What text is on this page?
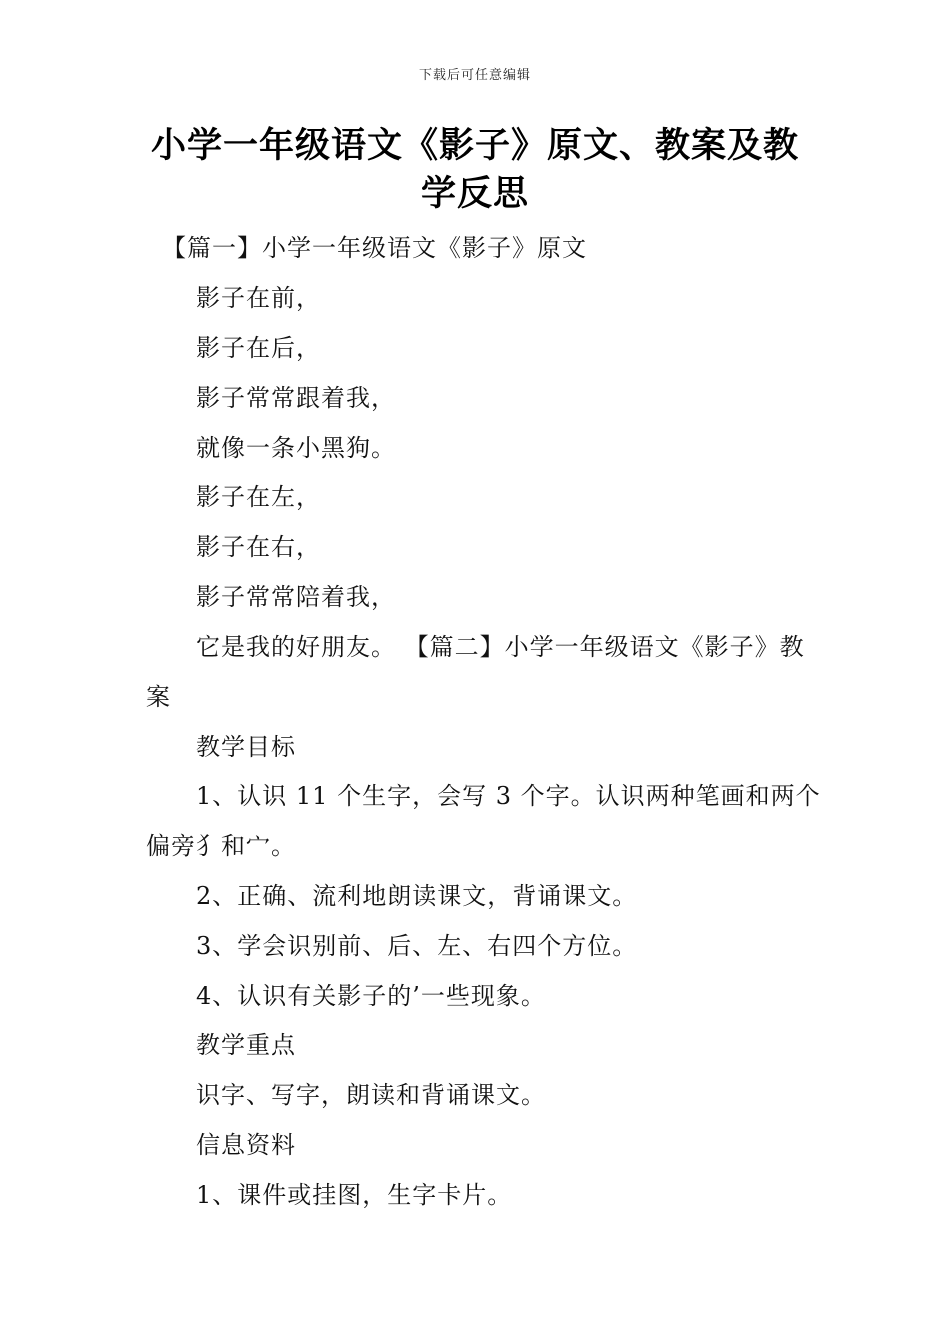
下载后可任意编辑
小学一年级语文《影子》原文、教案及教学反思
【篇一】小学一年级语文《影子》原文
影子在前，
影子在后，
影子常常跟着我，
就像一条小黑狗。
影子在左，
影子在右，
影子常常陪着我，
它是我的好朋友。 【篇二】小学一年级语文《影子》教案
教学目标
1、认识 11 个生字，会写 3 个字。认识两种笔画和两个偏旁犭和宀。
2、正确、流利地朗读课文，背诵课文。
3、学会识别前、后、左、右四个方位。
4、认识有关影子的’一些现象。
教学重点
识字、写字，朗读和背诵课文。
信息资料
1、课件或挂图，生字卡片。
